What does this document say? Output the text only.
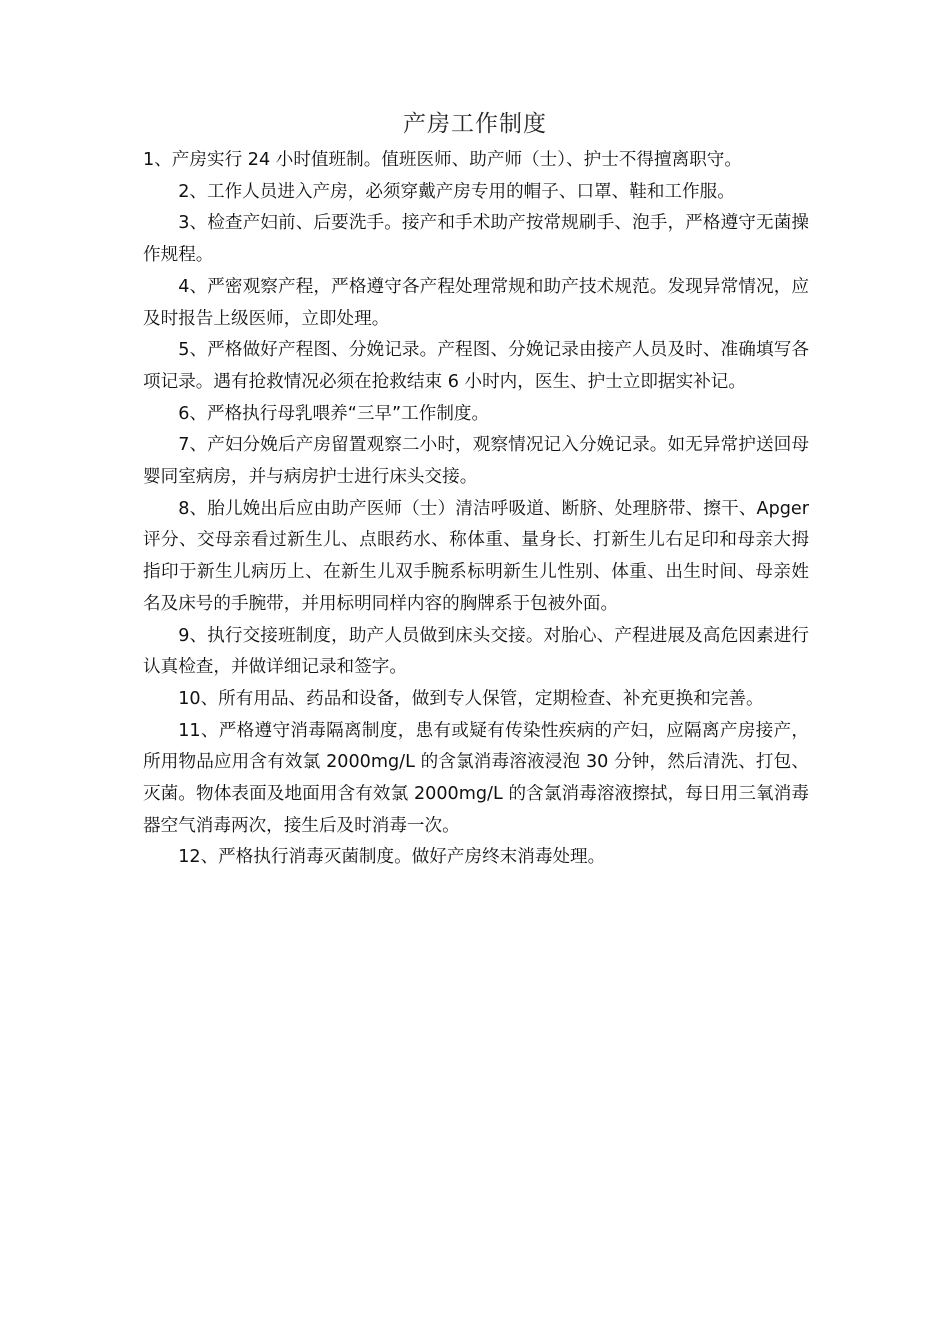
产房工作制度

1、产房实行 24 小时值班制。值班医师、助产师（士）、护士不得擅离职守。

2、工作人员进入产房，必须穿戴产房专用的帽子、口罩、鞋和工作服。

3、检查产妇前、后要洗手。接产和手术助产按常规刷手、泡手，严格遵守无菌操作规程。

4、严密观察产程，严格遵守各产程处理常规和助产技术规范。发现异常情况，应及时报告上级医师，立即处理。

5、严格做好产程图、分娩记录。产程图、分娩记录由接产人员及时、准确填写各项记录。遇有抢救情况必须在抢救结束 6 小时内，医生、护士立即据实补记。

6、严格执行母乳喂养“三早”工作制度。

7、产妇分娩后产房留置观察二小时，观察情况记入分娩记录。如无异常护送回母婴同室病房，并与病房护士进行床头交接。

8、胎儿娩出后应由助产医师（士）清洁呼吸道、断脐、处理脐带、擦干、Apger 评分、交母亲看过新生儿、点眼药水、称体重、量身长、打新生儿右足印和母亲大拇指印于新生儿病历上、在新生儿双手腕系标明新生儿性别、体重、出生时间、母亲姓名及床号的手腕带，并用标明同样内容的胸牌系于包被外面。

9、执行交接班制度，助产人员做到床头交接。对胎心、产程进展及高危因素进行认真检查，并做详细记录和签字。

10、所有用品、药品和设备，做到专人保管，定期检查、补充更换和完善。

11、严格遵守消毒隔离制度，患有或疑有传染性疾病的产妇，应隔离产房接产，所用物品应用含有效氯 2000mg/L 的含氯消毒溶液浸泡 30 分钟，然后清洗、打包、灭菌。物体表面及地面用含有效氯 2000mg/L 的含氯消毒溶液擦拭，每日用三氧消毒器空气消毒两次，接生后及时消毒一次。

12、严格执行消毒灭菌制度。做好产房终末消毒处理。
